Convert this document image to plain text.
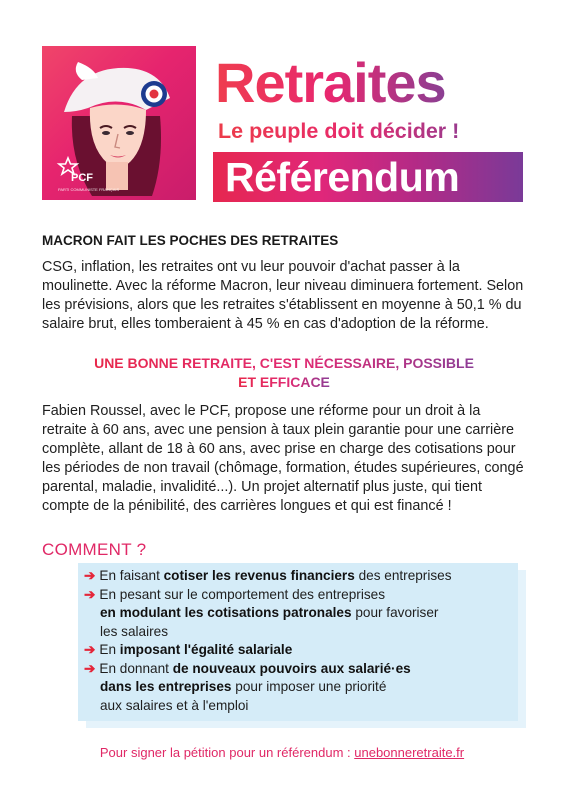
PCF
PARTI COMMUNISTE FRANÇAIS
Retraites
Le peuple doit décider !
Référendum
MACRON FAIT LES POCHES DES RETRAITES
CSG, inflation, les retraites ont vu leur pouvoir d'achat passer à la moulinette. Avec la réforme Macron, leur niveau diminuera fortement. Selon les prévisions, alors que les retraites s'établissent en moyenne à 50,1 % du salaire brut, elles tomberaient à 45 % en cas d'adoption de la réforme.
UNE BONNE RETRAITE, C'EST NÉCESSAIRE, POSSIBLE
ET EFFICACE
Fabien Roussel, avec le PCF, propose une réforme pour un droit à la retraite à 60 ans, avec une pension à taux plein garantie pour une carrière complète, allant de 18 à 60 ans, avec prise en charge des cotisations pour les périodes de non travail (chômage, formation, études supérieures, congé parental, maladie, invalidité...). Un projet alternatif plus juste, qui tient compte de la pénibilité, des carrières longues et qui est financé !
COMMENT ?
➔ En faisant cotiser les revenus financiers des entreprises
➔ En pesant sur le comportement des entreprises
en modulant les cotisations patronales pour favoriser
les salaires
➔ En imposant l'égalité salariale
➔ En donnant de nouveaux pouvoirs aux salarié·es
dans les entreprises pour imposer une priorité
aux salaires et à l'emploi
Pour signer la pétition pour un référendum : unebonneretraite.fr
